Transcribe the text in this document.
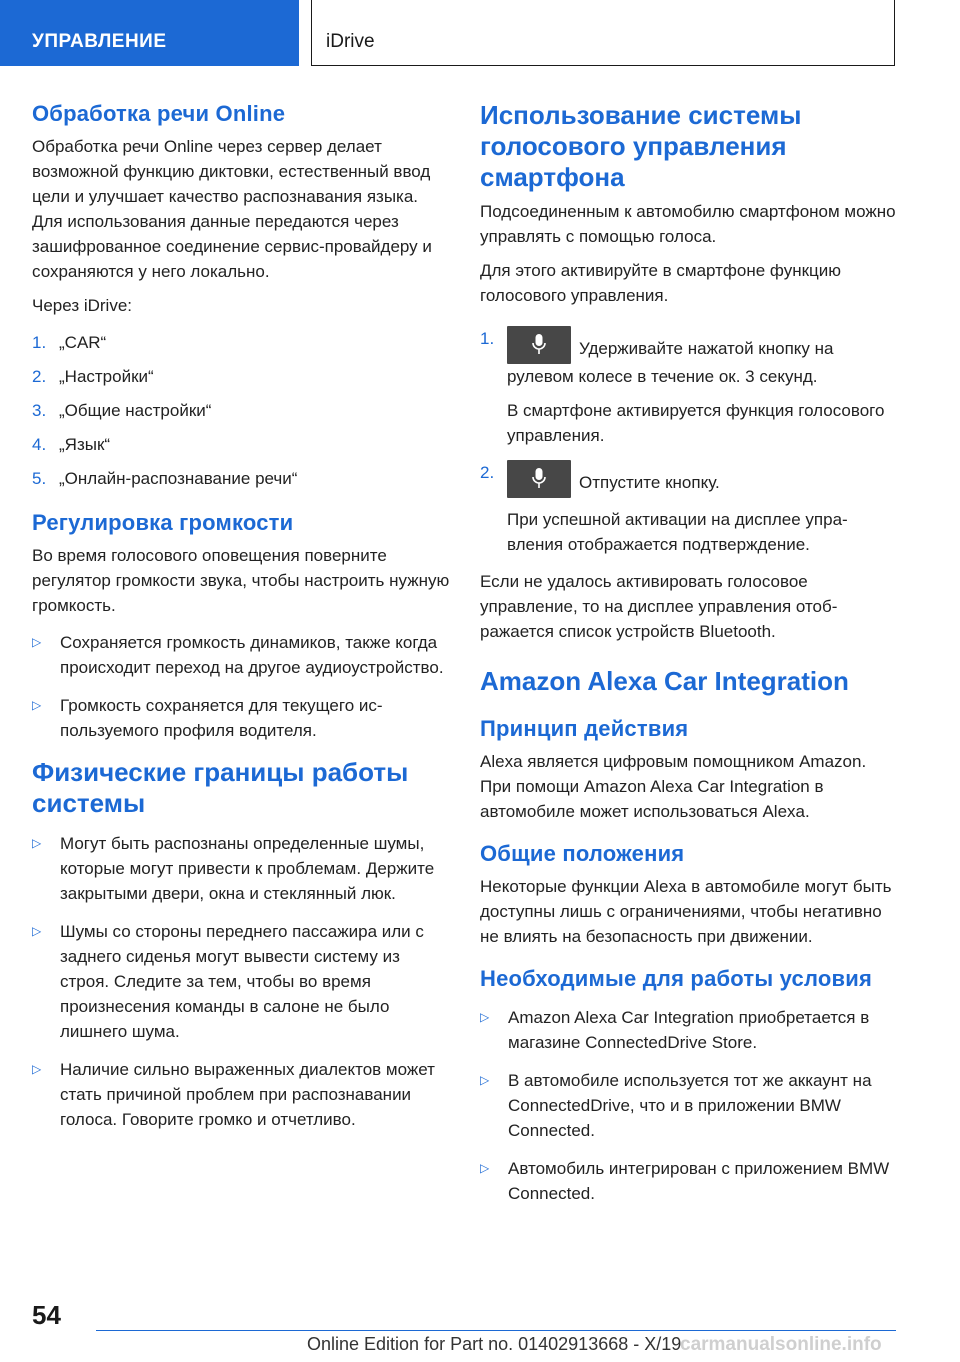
УПРАВЛЕНИЕ	iDrive
Обработка речи Online

Обработка речи Online через сервер делает возможной функцию диктовки, естественный ввод цели и улучшает качество распознавания языка. Для использования данные передаются через зашифрованное соединение сервис-провайдеру и сохраняются у него локально.

Через iDrive:

1. „CAR“
2. „Настройки“
3. „Общие настройки“
4. „Язык“
5. „Онлайн-распознавание речи“
Регулировка громкости

Во время голосового оповещения поверните регулятор громкости звука, чтобы настроить нужную громкость.

▷	Сохраняется громкость динамиков, также когда происходит переход на другое аудиоустройство.
▷	Громкость сохраняется для текущего используемого профиля водителя.
Физические границы работы системы
▷	Могут быть распознаны определенные шумы, которые могут привести к проблемам. Держите закрытыми двери, окна и стеклянный люк.
▷	Шумы со стороны переднего пассажира или с заднего сиденья могут вывести систему из строя. Следите за тем, чтобы во время произнесения команды в салоне не было лишнего шума.
▷	Наличие сильно выраженных диалектов может стать причиной проблем при распознавании голоса. Говорите громко и отчетливо.
Использование системы голосового управления смартфона

Подсоединенным к автомобилю смартфоном можно управлять с помощью голоса.

Для этого активируйте в смартфоне функцию голосового управления.

1.
Удерживайте нажатой кнопку на рулевом колесе в течение ок. 3 секунд.
В смартфоне активируется функция голосового управления.
2.
Отпустите кнопку.
При успешной активации на дисплее управления отображается подтверждение.

Если не удалось активировать голосовое управление, то на дисплее управления отображается список устройств Bluetooth.

Amazon Alexa Car Integration
Принцип действия

Alexa является цифровым помощником Amazon. При помощи Amazon Alexa Car Integration в автомобиле может использоваться Alexa.

Общие положения

Некоторые функции Alexa в автомобиле могут быть доступны лишь с ограничениями, чтобы негативно не влиять на безопасность при движении.

Необходимые для работы условия
▷	Amazon Alexa Car Integration приобретается в магазине ConnectedDrive Store.
▷	В автомобиле используется тот же аккаунт на ConnectedDrive, что и в приложении BMW Connected.
▷	Автомобиль интегрирован с приложением BMW Connected.
54
Online Edition for Part no. 01402913668 - X/19
carmanualsonline.info
